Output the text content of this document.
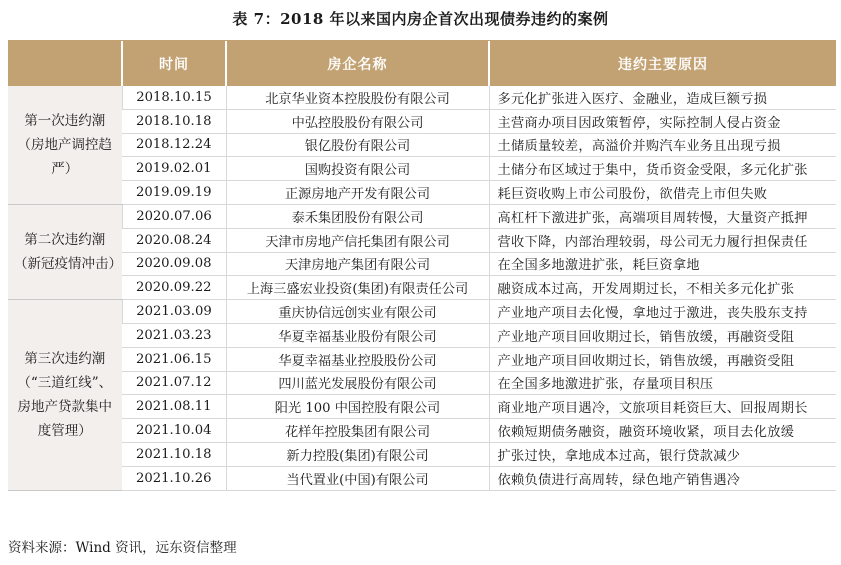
表 7：2018 年以来国内房企首次出现债券违约的案例
	时间	房企名称	违约主要原因
第一次违约潮（房地产调控趋严）	2018.10.15	北京华业资本控股股份有限公司	多元化扩张进入医疗、金融业，造成巨额亏损
	2018.10.18	中弘控股股份有限公司	主营商办项目因政策暂停，实际控制人侵占资金
	2018.12.24	银亿股份有限公司	土储质量较差，高溢价并购汽车业务且出现亏损
	2019.02.01	国购投资有限公司	土储分布区域过于集中，货币资金受限，多元化扩张
	2019.09.19	正源房地产开发有限公司	耗巨资收购上市公司股份，欲借壳上市但失败
第二次违约潮（新冠疫情冲击）	2020.07.06	泰禾集团股份有限公司	高杠杆下激进扩张，高端项目周转慢，大量资产抵押
	2020.08.24	天津市房地产信托集团有限公司	营收下降，内部治理较弱，母公司无力履行担保责任
	2020.09.08	天津房地产集团有限公司	在全国多地激进扩张，耗巨资拿地
	2020.09.22	上海三盛宏业投资(集团)有限责任公司	融资成本过高，开发周期过长，不相关多元化扩张
第三次违约潮（“三道红线”、房地产贷款集中度管理）	2021.03.09	重庆协信远创实业有限公司	产业地产项目去化慢，拿地过于激进，丧失股东支持
	2021.03.23	华夏幸福基业股份有限公司	产业地产项目回收期过长，销售放缓，再融资受阻
	2021.06.15	华夏幸福基业控股股份公司	产业地产项目回收期过长，销售放缓，再融资受阻
	2021.07.12	四川蓝光发展股份有限公司	在全国多地激进扩张，存量项目积压
	2021.08.11	阳光 100 中国控股有限公司	商业地产项目遇冷，文旅项目耗资巨大、回报周期长
	2021.10.04	花样年控股集团有限公司	依赖短期债务融资，融资环境收紧，项目去化放缓
	2021.10.18	新力控股(集团)有限公司	扩张过快，拿地成本过高，银行贷款减少
	2021.10.26	当代置业(中国)有限公司	依赖负债进行高周转，绿色地产销售遇冷
资料来源：Wind 资讯，远东资信整理
